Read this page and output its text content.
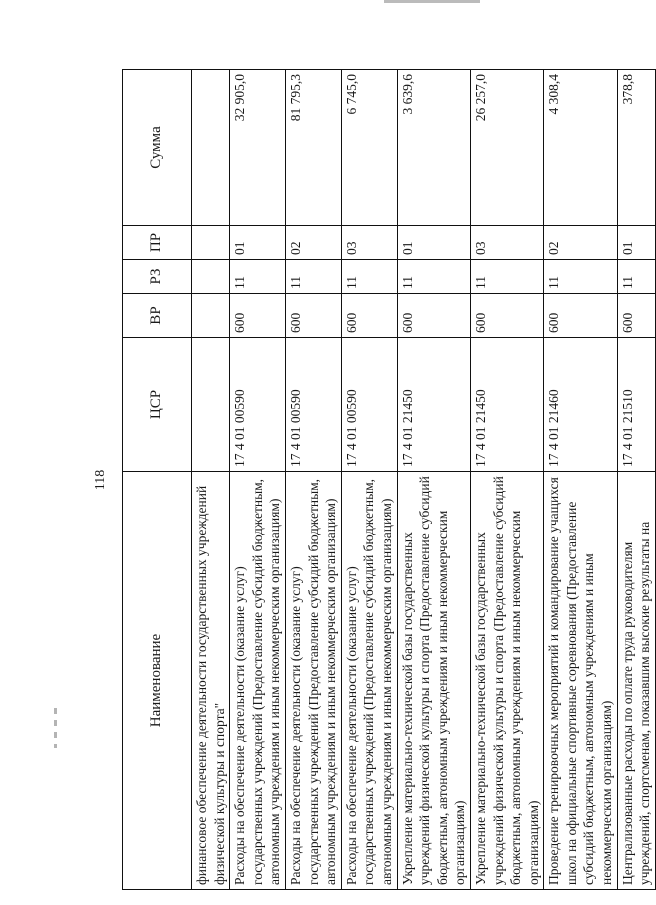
118
Наименование	ЦСР	ВР	РЗ	ПР	Сумма
финансовое обеспечение деятельности государственных учреждений физической культуры и спорта"					
Расходы на обеспечение деятельности (оказание услуг) государственных учреждений (Предоставление субсидий бюджетным, автономным учреждениям и иным некоммерческим организациям)	17 4 01 00590	600	11	01	32 905,0
Расходы на обеспечение деятельности (оказание услуг) государственных учреждений (Предоставление субсидий бюджетным, автономным учреждениям и иным некоммерческим организациям)	17 4 01 00590	600	11	02	81 795,3
Расходы на обеспечение деятельности (оказание услуг) государственных учреждений (Предоставление субсидий бюджетным, автономным учреждениям и иным некоммерческим организациям)	17 4 01 00590	600	11	03	6 745,0
Укрепление материально-технической базы государственных учреждений физической культуры и спорта (Предоставление субсидий бюджетным, автономным учреждениям и иным некоммерческим организациям)	17 4 01 21450	600	11	01	3 639,6
Укрепление материально-технической базы государственных учреждений физической культуры и спорта (Предоставление субсидий бюджетным, автономным учреждениям и иным некоммерческим организациям)	17 4 01 21450	600	11	03	26 257,0
Проведение тренировочных мероприятий и командирование учащихся школ на официальные спортивные соревнования (Предоставление субсидий бюджетным, автономным учреждениям и иным некоммерческим организациям)	17 4 01 21460	600	11	02	4 308,4
Централизованные расходы по оплате труда руководителям учреждений, спортсменам, показавшим высокие результаты на	17 4 01 21510	600	11	01	378,8
